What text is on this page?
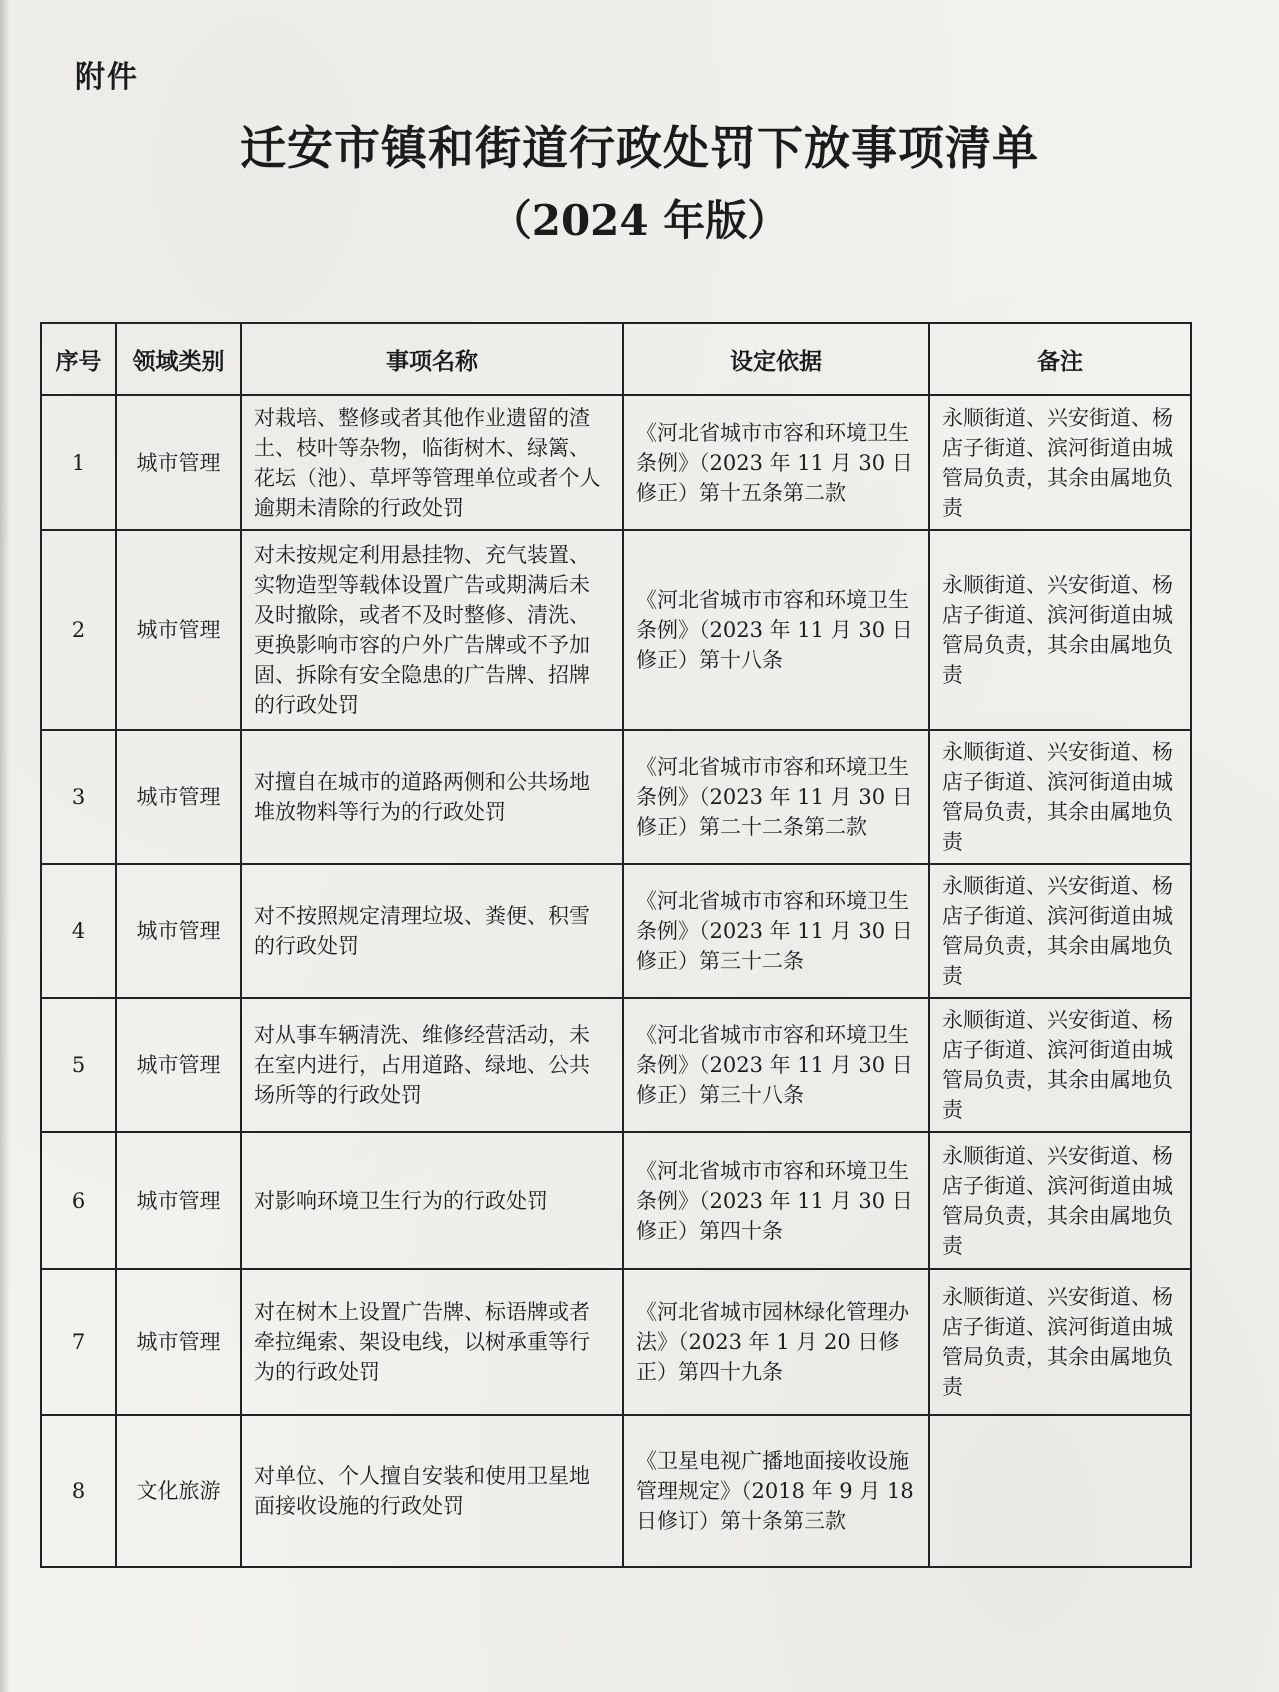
附件
迁安市镇和街道行政处罚下放事项清单
（2024 年版）
序号	领域类别	事项名称	设定依据	备注
1	城市管理	对栽培、整修或者其他作业遗留的渣土、枝叶等杂物，临街树木、绿篱、花坛（池）、草坪等管理单位或者个人逾期未清除的行政处罚	《河北省城市市容和环境卫生条例》（2023 年 11 月 30 日修正）第十五条第二款	永顺街道、兴安街道、杨店子街道、滨河街道由城管局负责，其余由属地负责
2	城市管理	对未按规定利用悬挂物、充气装置、实物造型等载体设置广告或期满后未及时撤除，或者不及时整修、清洗、更换影响市容的户外广告牌或不予加固、拆除有安全隐患的广告牌、招牌的行政处罚	《河北省城市市容和环境卫生条例》（2023 年 11 月 30 日修正）第十八条	永顺街道、兴安街道、杨店子街道、滨河街道由城管局负责，其余由属地负责
3	城市管理	对擅自在城市的道路两侧和公共场地堆放物料等行为的行政处罚	《河北省城市市容和环境卫生条例》（2023 年 11 月 30 日修正）第二十二条第二款	永顺街道、兴安街道、杨店子街道、滨河街道由城管局负责，其余由属地负责
4	城市管理	对不按照规定清理垃圾、粪便、积雪的行政处罚	《河北省城市市容和环境卫生条例》（2023 年 11 月 30 日修正）第三十二条	永顺街道、兴安街道、杨店子街道、滨河街道由城管局负责，其余由属地负责
5	城市管理	对从事车辆清洗、维修经营活动，未在室内进行，占用道路、绿地、公共场所等的行政处罚	《河北省城市市容和环境卫生条例》（2023 年 11 月 30 日修正）第三十八条	永顺街道、兴安街道、杨店子街道、滨河街道由城管局负责，其余由属地负责
6	城市管理	对影响环境卫生行为的行政处罚	《河北省城市市容和环境卫生条例》（2023 年 11 月 30 日修正）第四十条	永顺街道、兴安街道、杨店子街道、滨河街道由城管局负责，其余由属地负责
7	城市管理	对在树木上设置广告牌、标语牌或者牵拉绳索、架设电线，以树承重等行为的行政处罚	《河北省城市园林绿化管理办法》（2023 年 1 月 20 日修正）第四十九条	永顺街道、兴安街道、杨店子街道、滨河街道由城管局负责，其余由属地负责
8	文化旅游	对单位、个人擅自安装和使用卫星地面接收设施的行政处罚	《卫星电视广播地面接收设施管理规定》（2018 年 9 月 18 日修订）第十条第三款	
